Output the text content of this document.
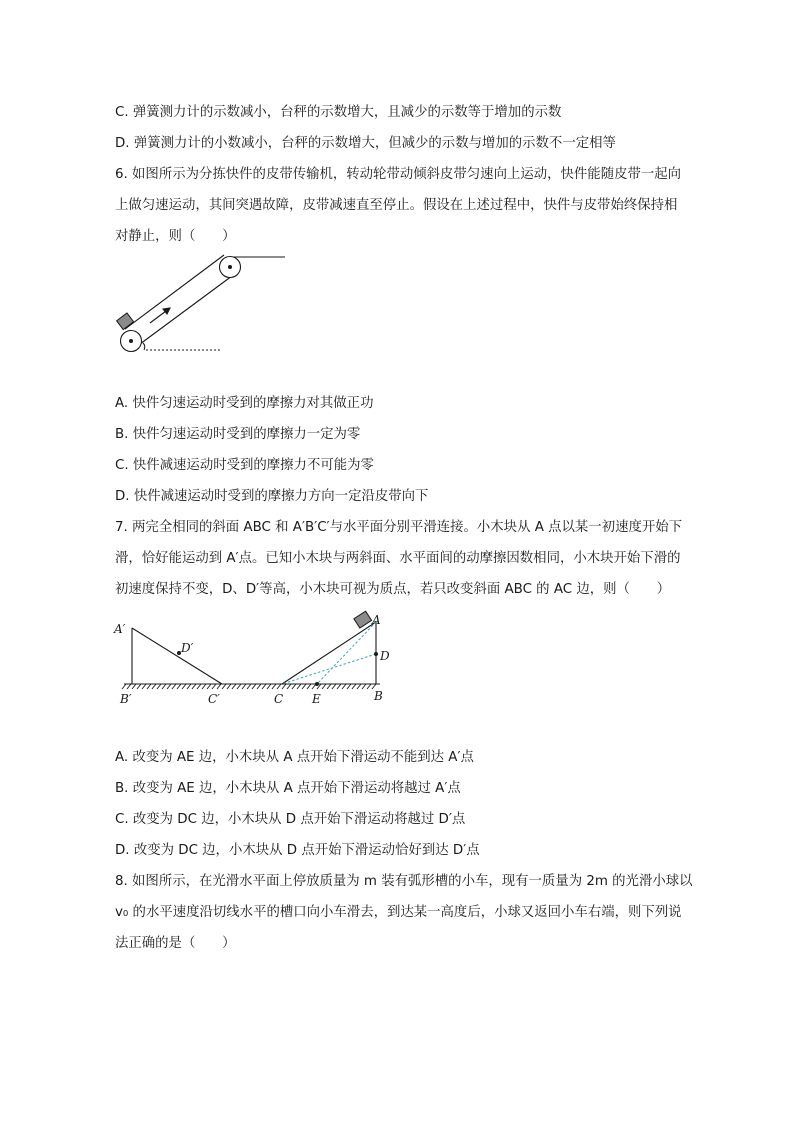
C. 弹簧测力计的示数减小，台秤的示数增大，且减少的示数等于增加的示数
D. 弹簧测力计的小数减小，台秤的示数增大，但减少的示数与增加的示数不一定相等
6. 如图所示为分拣快件的皮带传输机，转动轮带动倾斜皮带匀速向上运动，快件能随皮带一起向
上做匀速运动，其间突遇故障，皮带减速直至停止。假设在上述过程中，快件与皮带始终保持相
对静止，则（　　）
A. 快件匀速运动时受到的摩擦力对其做正功
B. 快件匀速运动时受到的摩擦力一定为零
C. 快件减速运动时受到的摩擦力不可能为零
D. 快件减速运动时受到的摩擦力方向一定沿皮带向下
7. 两完全相同的斜面 ABC 和 A′B′C′与水平面分别平滑连接。小木块从 A 点以某一初速度开始下
滑，恰好能运动到 A′点。已知小木块与两斜面、水平面间的动摩擦因数相同，小木块开始下滑的
初速度保持不变，D、D′等高，小木块可视为质点，若只改变斜面 ABC 的 AC 边，则（　　）
A′
D′
B′	C′	C E
A
D
B
A. 改变为 AE 边，小木块从 A 点开始下滑运动不能到达 A′点
B. 改变为 AE 边，小木块从 A 点开始下滑运动将越过 A′点
C. 改变为 DC 边，小木块从 D 点开始下滑运动将越过 D′点
D. 改变为 DC 边，小木块从 D 点开始下滑运动恰好到达 D′点
8. 如图所示，在光滑水平面上停放质量为 m 装有弧形槽的小车，现有一质量为 2m 的光滑小球以
v₀ 的水平速度沿切线水平的槽口向小车滑去，到达某一高度后，小球又返回小车右端，则下列说
法正确的是（　　）
